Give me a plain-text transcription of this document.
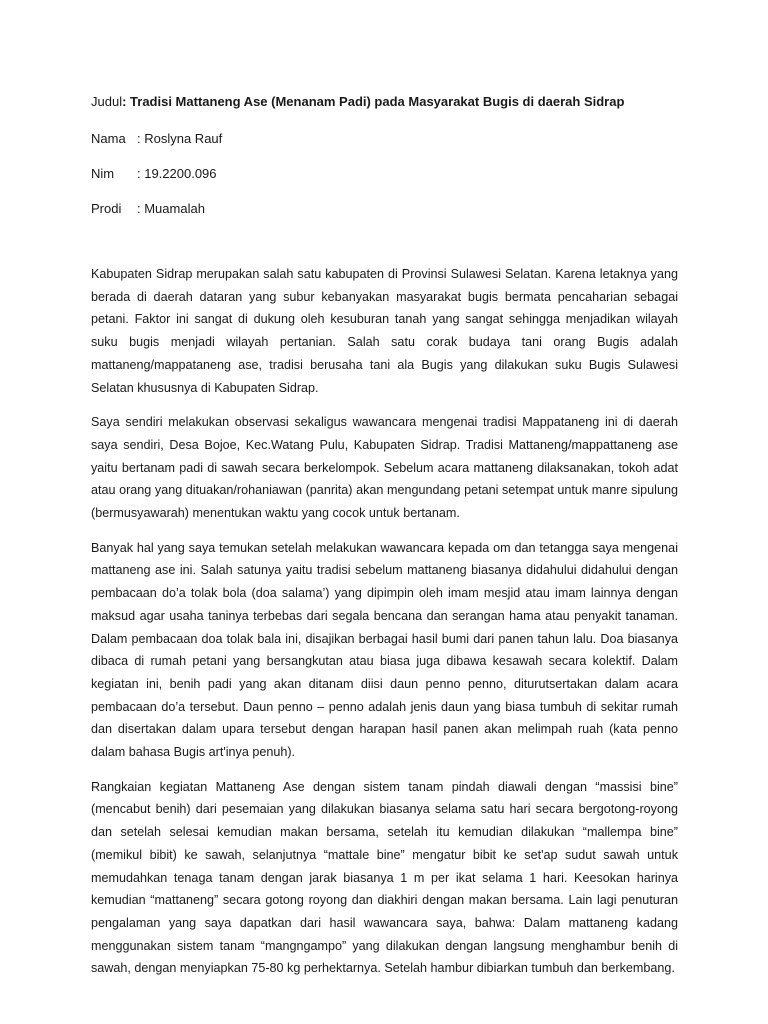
Judul: Tradisi Mattaneng Ase (Menanam Padi) pada Masyarakat Bugis di daerah Sidrap
Nama : Roslyna Rauf
Nim	: 19.2200.096
Prodi	: Muamalah

Kabupaten Sidrap merupakan salah satu kabupaten di Provinsi Sulawesi Selatan. Karena letaknya yang berada di daerah dataran yang subur kebanyakan masyarakat bugis bermata pencaharian sebagai petani. Faktor ini sangat di dukung oleh kesuburan tanah yang sangat sehingga menjadikan wilayah suku bugis menjadi wilayah pertanian. Salah satu corak budaya tani orang Bugis adalah mattaneng/mappataneng ase, tradisi berusaha tani ala Bugis yang dilakukan suku Bugis Sulawesi Selatan khususnya di Kabupaten Sidrap.

Saya sendiri melakukan observasi sekaligus wawancara mengenai tradisi Mappataneng ini di daerah saya sendiri, Desa Bojoe, Kec.Watang Pulu, Kabupaten Sidrap. Tradisi Mattaneng/mappattaneng ase yaitu bertanam padi di sawah secara berkelompok. Sebelum acara mattaneng dilaksanakan, tokoh adat atau orang yang dituakan/rohaniawan (panrita) akan mengundang petani setempat untuk manre sipulung (bermusyawarah) menentukan waktu yang cocok untuk bertanam.

Banyak hal yang saya temukan setelah melakukan wawancara kepada om dan tetangga saya mengenai mattaneng ase ini. Salah satunya yaitu tradisi sebelum mattaneng biasanya didahului didahului dengan pembacaan do’a tolak bola (doa salama’) yang dipimpin oleh imam mesjid atau imam lainnya dengan maksud agar usaha taninya terbebas dari segala bencana dan serangan hama atau penyakit tanaman. Dalam pembacaan doa tolak bala ini, disajikan berbagai hasil bumi dari panen tahun lalu. Doa biasanya dibaca di rumah petani yang bersangkutan atau biasa juga dibawa kesawah secara kolektif. Dalam kegiatan ini, benih padi yang akan ditanam diisi daun penno penno, diturutsertakan dalam acara pembacaan do’a tersebut. Daun penno – penno adalah jenis daun yang biasa tumbuh di sekitar rumah dan disertakan dalam upara tersebut dengan harapan hasil panen akan melimpah ruah (kata penno dalam bahasa Bugis art'inya penuh).

Rangkaian kegiatan Mattaneng Ase dengan sistem tanam pindah diawali dengan “massisi bine” (mencabut benih) dari pesemaian yang dilakukan biasanya selama satu hari secara bergotong-royong dan setelah selesai kemudian makan bersama, setelah itu kemudian dilakukan “mallempa bine” (memikul bibit) ke sawah, selanjutnya “mattale bine” mengatur bibit ke set'ap sudut sawah untuk memudahkan tenaga tanam dengan jarak biasanya 1 m per ikat selama 1 hari. Keesokan harinya kemudian “mattaneng” secara gotong royong dan diakhiri dengan makan bersama. Lain lagi penuturan pengalaman yang saya dapatkan dari hasil wawancara saya, bahwa: Dalam mattaneng kadang menggunakan sistem tanam “mangngampo” yang dilakukan dengan langsung menghambur benih di sawah, dengan menyiapkan 75-80 kg perhektarnya. Setelah hambur dibiarkan tumbuh dan berkembang.
